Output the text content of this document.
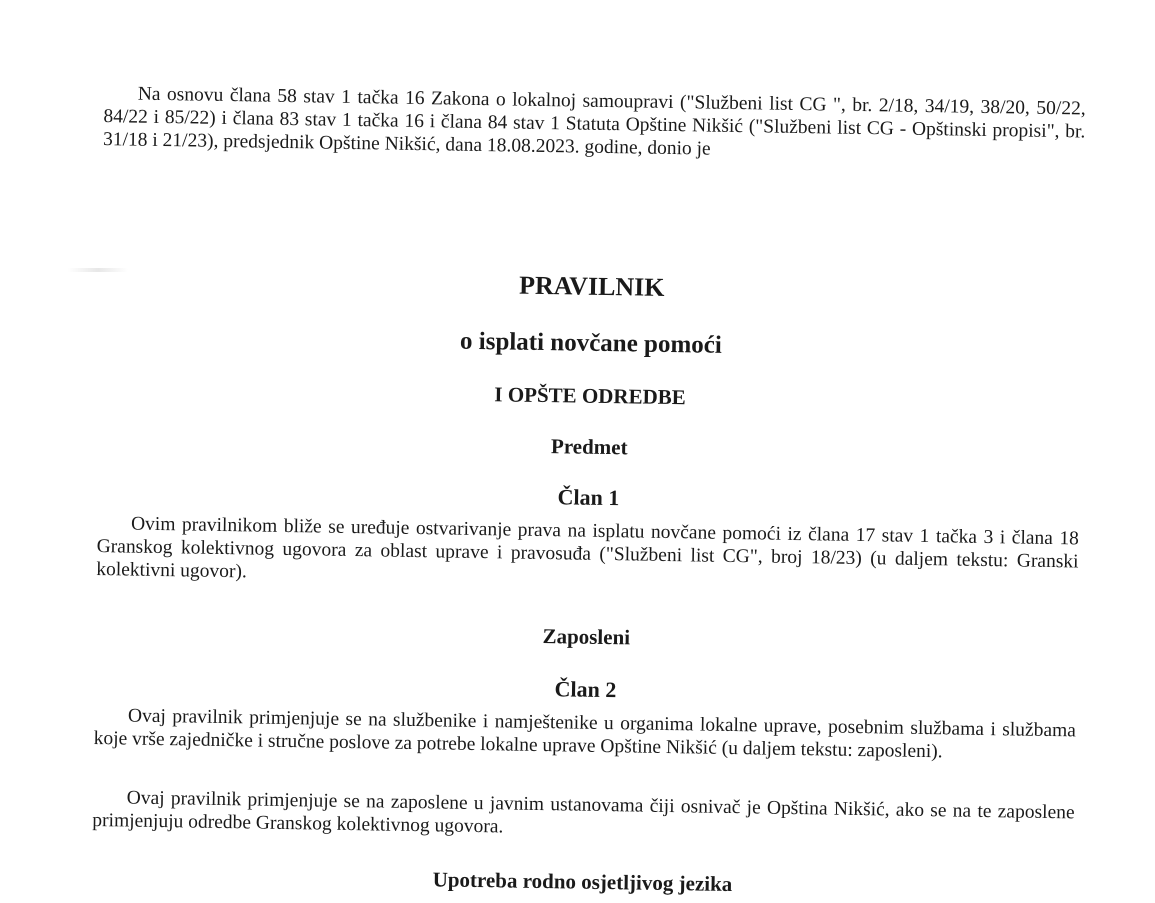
Na osnovu člana 58 stav 1 tačka 16 Zakona o lokalnoj samoupravi ("Službeni list CG ", br. 2/18, 34/19, 38/20, 50/22, 84/22 i 85/22) i člana 83 stav 1 tačka 16 i člana 84 stav 1 Statuta Opštine Nikšić ("Službeni list CG - Opštinski propisi", br. 31/18 i 21/23), predsjednik Opštine Nikšić, dana 18.08.2023. godine, donio je

PRAVILNIK
o isplati novčane pomoći
I OPŠTE ODREDBE
Predmet
Član 1

Ovim pravilnikom bliže se uređuje ostvarivanje prava na isplatu novčane pomoći iz člana 17 stav 1 tačka 3 i člana 18 Granskog kolektivnog ugovora za oblast uprave i pravosuđa ("Službeni list CG", broj 18/23) (u daljem tekstu: Granski kolektivni ugovor).

Zaposleni
Član 2

Ovaj pravilnik primjenjuje se na službenike i namještenike u organima lokalne uprave, posebnim službama i službama koje vrše zajedničke i stručne poslove za potrebe lokalne uprave Opštine Nikšić (u daljem tekstu: zaposleni).

Ovaj pravilnik primjenjuje se na zaposlene u javnim ustanovama čiji osnivač je Opština Nikšić, ako se na te zaposlene primjenjuju odredbe Granskog kolektivnog ugovora.

Upotreba rodno osjetljivog jezika
